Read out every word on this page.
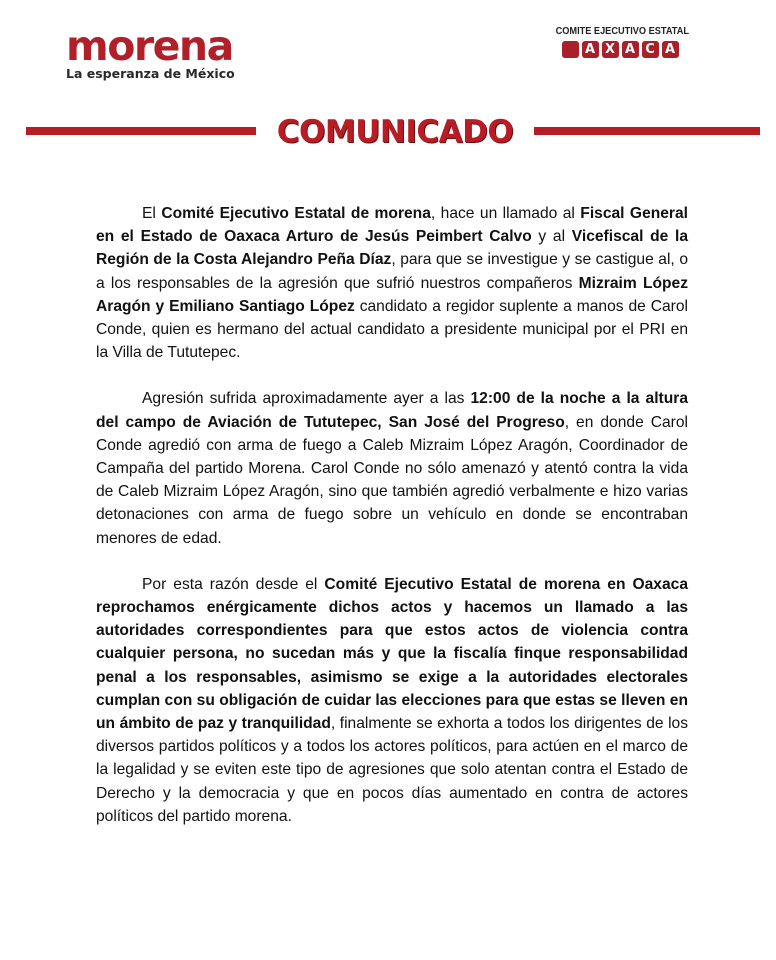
morena
La esperanza de México
COMITE EJECUTIVO ESTATAL
A X A C A
COMUNICADO

El Comité Ejecutivo Estatal de morena, hace un llamado al Fiscal General en el Estado de Oaxaca Arturo de Jesús Peimbert Calvo y al Vicefiscal de la Región de la Costa Alejandro Peña Díaz, para que se investigue y se castigue al, o a los responsables de la agresión que sufrió nuestros compañeros Mizraim López Aragón y Emiliano Santiago López candidato a regidor suplente a manos de Carol Conde, quien es hermano del actual candidato a presidente municipal por el PRI en la Villa de Tututepec.

Agresión sufrida aproximadamente ayer a las 12:00 de la noche a la altura del campo de Aviación de Tututepec, San José del Progreso, en donde Carol Conde agredió con arma de fuego a Caleb Mizraim López Aragón, Coordinador de Campaña del partido Morena. Carol Conde no sólo amenazó y atentó contra la vida de Caleb Mizraim López Aragón, sino que también agredió verbalmente e hizo varias detonaciones con arma de fuego sobre un vehículo en donde se encontraban menores de edad.

Por esta razón desde el Comité Ejecutivo Estatal de morena en Oaxaca reprochamos enérgicamente dichos actos y hacemos un llamado a las autoridades correspondientes para que estos actos de violencia contra cualquier persona, no sucedan más y que la fiscalía finque responsabilidad penal a los responsables, asimismo se exige a la autoridades electorales cumplan con su obligación de cuidar las elecciones para que estas se lleven en un ámbito de paz y tranquilidad, finalmente se exhorta a todos los dirigentes de los diversos partidos políticos y a todos los actores políticos, para actúen en el marco de la legalidad y se eviten este tipo de agresiones que solo atentan contra el Estado de Derecho y la democracia y que en pocos días aumentado en contra de actores políticos del partido morena.
